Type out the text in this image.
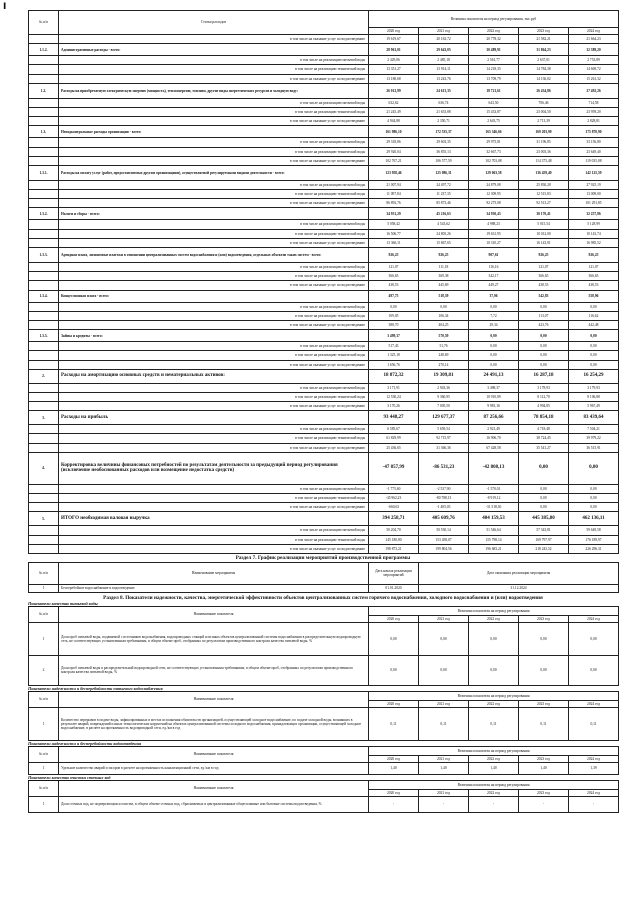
I
№ п/п	Статьи расходов	Величина показателя на период регулирования, тыс.руб				
		2020 год	2021 год	2022 год	2023 год	2024 год
	в том числе на оказание услуг по водоотведению	19 619,67	20 163,72	20 778,32	21 582,21	21 664,23
1.1.2.	Административные расходы - всего:	28 961,01	29 643,05	30 489,91	31 864,23	32 389,20
	в том числе на реализацию питьевой воды	2 429,06	2 485,18	2 561,77	2 637,01	2 753,89
	в том числе на реализацию технической воды	13 351,27	13 914,11	14 218,35	14 784,38	14 669,72
	в том числе на оказание услуг по водоотведению	13 180,68	13 243,76	13 709,79	14 136,02	15 261,32
1.2.	Расходы на приобретаемую электрическую энергию (мощность), теплоэнергию, топливо, другие виды энергетических ресурсов и холодную воду:	26 012,99	24 613,35	18 721,61	26 434,86	27 492,26
	в том числе на реализацию питьевой воды	632,62	636,74	643,50	706,46	714,58
	в том числе на реализацию технической воды	21 245,49	21 653,88	15 433,87	23 004,50	23 959,20
	в том числе на оказание услуг по водоотведению	4 944,88	2 350,71	2 643,75	2 713,39	2 828,81
1.3.	Неподконтрольные расходы организации - всего:	161 986,10	172 535,37	165 346,66	169 203,90	175 870,90
	в том числе на реализацию питьевой воды	29 318,86	29 603,35	29 975,81	31 196,85	33 156,80
	в том числе на реализацию технической воды	29 920,04	36 855,13	32 667,73	23 003,36	23 649,40
	в том числе на оказание услуг по водоотведению	102 767,21	106 577,59	102 703,08	114 375,48	119 035,08
1.3.1.	Расходы на оплату услуг (работ, предоставляемых другим организациям), осуществляемой регулируемыми видами деятельности - всего:	123 958,46	125 086,31	129 063,58	136 459,40	142 125,59
	в том числе на реализацию питьевой воды	21 007,94	24 497,72	24 879,08	25 830,28	27 925,19
	в том числе на реализацию технической воды	11 097,84	11 237,35	12 309,95	12 515,83	13 009,00
	в том числе на оказание услуг по водоотведению	86 892,76	85 873,46	92 275,08	92 513,27	101 291,85
1.3.2.	Налоги и сборы - всего:	34 931,29	45 216,63	34 930,43	30 170,41	32 257,86
	в том числе на реализацию питьевой воды	5 058,42	4 543,62	4 988,23	5 015,54	5 128,99
	в том числе на реализацию технической воды	16 506,77	24 805,26	19 631,95	10 012,00	10 143,74
	в том числе на оказание услуг по водоотведению	13 366,11	15 867,65	10 310,27	16 143,91	16 985,52
1.3.3.	Арендная плата, лизинговые платежи в отношении централизованных систем водоснабжения и (или) водоотведения, отдельных объектов таких систем - всего:	926,25	926,25	907,61	926,25	926,25
	в том числе на реализацию питьевой воды	121,07	111,18	116,16	121,07	121,07
	в том числе на реализацию технической воды	366,65	369,38	342,17	366,65	366,65
	в том числе на оказание услуг по водоотведению	438,53	445,69	449,27	438,53	438,53
1.3.4.	Концессионная плата - всего:	497,75	518,59	37,06	542,83	558,96
	в том числе на реализацию питьевой воды	0,00	0,00	0,00	0,00	0,00
	в том числе на реализацию технической воды	109,05	106,34	7,72	113,07	116,62
	в том числе на оказание услуг по водоотведению	388,70	404,25	29,34	423,76	442,48
1.3.5.	Займы и кредиты - всего:	3 499,37	570,59	0,00	0,00	0,00
	в том числе на реализацию питьевой воды	517,43	51,76	0,00	0,00	0,00
	в том числе на реализацию технической воды	1 325,18	248,69	0,00	0,00	0,00
	в том числе на оказание услуг по водоотведению	1 656,76	270,14	0,00	0,00	0,00
2.	Расходы на амортизацию основных средств и нематериальных активов:	18 872,32	19 309,81	24 491,13	16 287,18	16 254,29
	в том числе на реализацию питьевой воды	3 171,91	2 943,36	3 498,37	3 178,93	3 179,93
	в том числе на реализацию технической воды	12 530,24	9 360,95	10 910,89	8 112,70	8 106,88
	в том числе на оказание услуг по водоотведению	3 170,26	7 005,50	9 981,16	4 994,85	5 967,49
3.	Расходы на прибыль	93 448,27	129 677,37	87 256,66	78 854,18	83 439,64
	в том числе на реализацию питьевой воды	6 585,67	5 659,54	2 921,49	4 718,48	7 504,21
	в том числе на реализацию технической воды	61 829,99	92 715,97	16 906,70	38 724,45	39 979,22
	в том числе на оказание услуг по водоотведению	25 436,65	31 366,36	67 428,58	35 541,27	36 515,91
4.	Корректировка величины финансовых потребностей по результатам деятельности за предыдущий период регулирования (исключение необоснованных расходов или возмещение недостатка средств)	-47 857,99	-86 531,23	-42 808,13	0,00	0,00
	в том числе на реализацию питьевой воды	-1 775,60	-2 537,90	-1 570,01	0,00	0,00
	в том числе на реализацию технической воды	-45 962,23	-80 788,13	-8 919,12	0,00	0,00
	в том числе на оказание услуг по водоотведению	-660,63	-1 405,03	-31 518,30	0,00	0,00
5.	ИТОГО необходимая валовая выручка	394 258,71	405 609,76	404 159,53	445 385,80	462 136,11
	в том числе на реализацию питьевой воды	50 204,70	50 530,14	51 546,64	57 343,81	59 649,58
	в том числе на реализацию технической воды	145 180,80	153 458,07	155 798,14	169 797,97	176 189,97
	в том числе на оказание услуг по водоотведению	198 873,21	199 804,56	196 683,21	218 243,52	226 296,31
Раздел 7. График реализации мероприятий производственной программы
№ п/п	Наименование мероприятия	Дата начала реализации мероприятий	Дата окончания реализации мероприятия
1	Бесперебойное водоснабжение и водоотведение	01.01.2020	31.12.2024
Раздел 8. Показатели надежности, качества, энергетической эффективности объектов централизованных систем горячего водоснабжения, холодного водоснабжения и (или) водоотведения
Показатели качества питьевой воды
№ п/п	Наименование показателя	Величина показателя на период регулирования				
		2020 год	2021 год	2022 год	2023 год	2024 год
1	Доля проб питьевой воды, подаваемой с источников водоснабжения, водопроводных станций или иных объектов централизованной системы водоснабжения в распределительную водопроводную сеть, не соответствующих установленным требованиям, в общем объеме проб, отобранных по результатам производственного контроля качества питьевой воды, %	0,00	0,00	0,00	0,00	0,00
2	Доля проб питьевой воды в распределительной водопроводной сети, не соответствующих установленным требованиям, в общем объеме проб, отобранных по результатам производственного контроля качества питьевой воды, %	0,00	0,00	0,00	0,00	0,00
Показатели надежности и бесперебойности питьевого водоснабжения
№ п/п	Наименование показателя	Величина показателя на период регулирования				
		2020 год	2021 год	2022 год	2023 год	2024 год
1	Количество перерывов в подаче воды, зафиксированных в местах исполнения обязательств организацией, осуществляющей холодное водоснабжение, по подаче холодной воды, возникших в результате аварий, повреждений и иных технологических нарушений на объектах централизованной системы холодного водоснабжения, принадлежащих организации, осуществляющей холодное водоснабжение, в расчете на протяженность водопроводной сети, ед./км в год	0,11	0,11	0,11	0,11	0,11
Показатели надежности и бесперебойности водоотведения
№ п/п	Наименование показателя	Величина показателя на период регулирования				
		2020 год	2021 год	2022 год	2023 год	2024 год
1	Удельное количество аварий и засоров в расчете на протяженность канализационной сети, ед./км в год	1,40	1,40	1,40	1,40	1,39
Показатели качества очистки сточных вод
№ п/п	Наименование показателя	Величина показателя на период регулирования				
		2020 год	2021 год	2022 год	2023 год	2024 год
1	Доля сточных вод, не подвергающихся очистке, в общем объеме сточных вод, сбрасываемых в централизованные общесплавные или бытовые системы водоотведения, %	-	-	-	-	-
